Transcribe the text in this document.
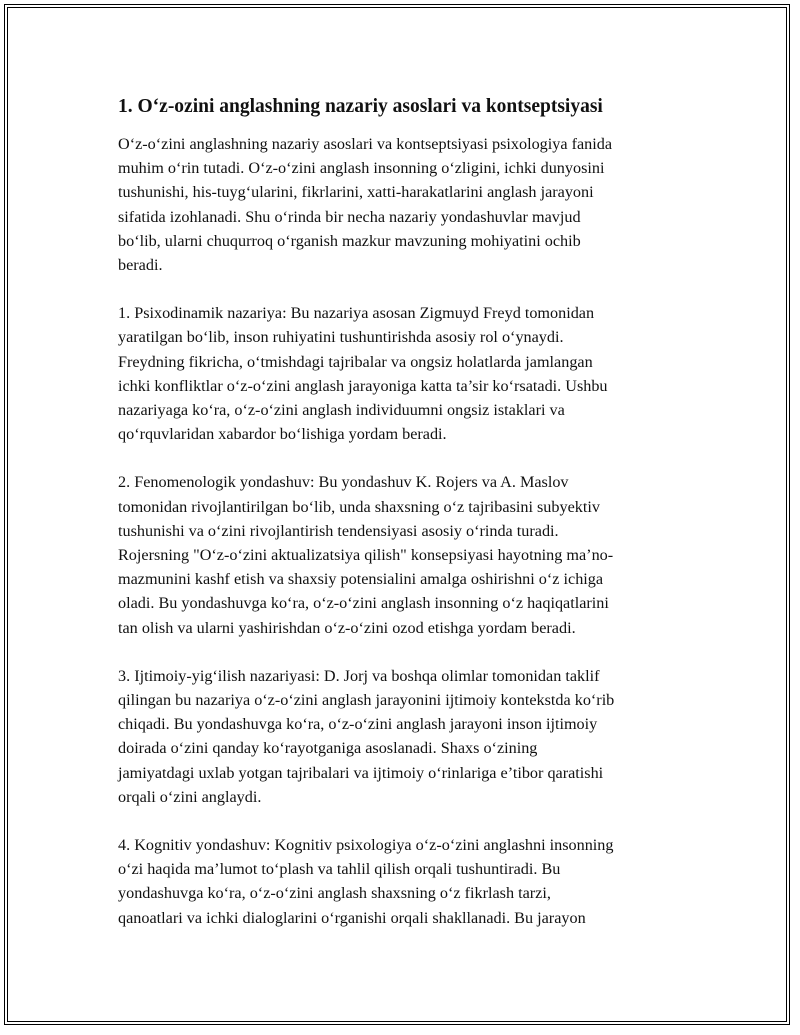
1. O‘z-ozini anglashning nazariy asoslari va kontseptsiyasi

O‘z-o‘zini anglashning nazariy asoslari va kontseptsiyasi psixologiya fanida
muhim o‘rin tutadi. O‘z-o‘zini anglash insonning o‘zligini, ichki dunyosini
tushunishi, his-tuyg‘ularini, fikrlarini, xatti-harakatlarini anglash jarayoni
sifatida izohlanadi. Shu o‘rinda bir necha nazariy yondashuvlar mavjud
bo‘lib, ularni chuqurroq o‘rganish mazkur mavzuning mohiyatini ochib
beradi.

1. Psixodinamik nazariya: Bu nazariya asosan Zigmuyd Freyd tomonidan
yaratilgan bo‘lib, inson ruhiyatini tushuntirishda asosiy rol o‘ynaydi.
Freydning fikricha, o‘tmishdagi tajribalar va ongsiz holatlarda jamlangan
ichki konfliktlar o‘z-o‘zini anglash jarayoniga katta ta’sir ko‘rsatadi. Ushbu
nazariyaga ko‘ra, o‘z-o‘zini anglash individuumni ongsiz istaklari va
qo‘rquvlaridan xabardor bo‘lishiga yordam beradi.

2. Fenomenologik yondashuv: Bu yondashuv K. Rojers va A. Maslov
tomonidan rivojlantirilgan bo‘lib, unda shaxsning o‘z tajribasini subyektiv
tushunishi va o‘zini rivojlantirish tendensiyasi asosiy o‘rinda turadi.
Rojersning "O‘z-o‘zini aktualizatsiya qilish" konsepsiyasi hayotning ma’no-
mazmunini kashf etish va shaxsiy potensialini amalga oshirishni o‘z ichiga
oladi. Bu yondashuvga ko‘ra, o‘z-o‘zini anglash insonning o‘z haqiqatlarini
tan olish va ularni yashirishdan o‘z-o‘zini ozod etishga yordam beradi.

3. Ijtimoiy-yig‘ilish nazariyasi: D. Jorj va boshqa olimlar tomonidan taklif
qilingan bu nazariya o‘z-o‘zini anglash jarayonini ijtimoiy kontekstda ko‘rib
chiqadi. Bu yondashuvga ko‘ra, o‘z-o‘zini anglash jarayoni inson ijtimoiy
doirada o‘zini qanday ko‘rayotganiga asoslanadi. Shaxs o‘zining
jamiyatdagi uxlab yotgan tajribalari va ijtimoiy o‘rinlariga e’tibor qaratishi
orqali o‘zini anglaydi.

4. Kognitiv yondashuv: Kognitiv psixologiya o‘z-o‘zini anglashni insonning
o‘zi haqida ma’lumot to‘plash va tahlil qilish orqali tushuntiradi. Bu
yondashuvga ko‘ra, o‘z-o‘zini anglash shaxsning o‘z fikrlash tarzi,
qanoatlari va ichki dialoglarini o‘rganishi orqali shakllanadi. Bu jarayon
